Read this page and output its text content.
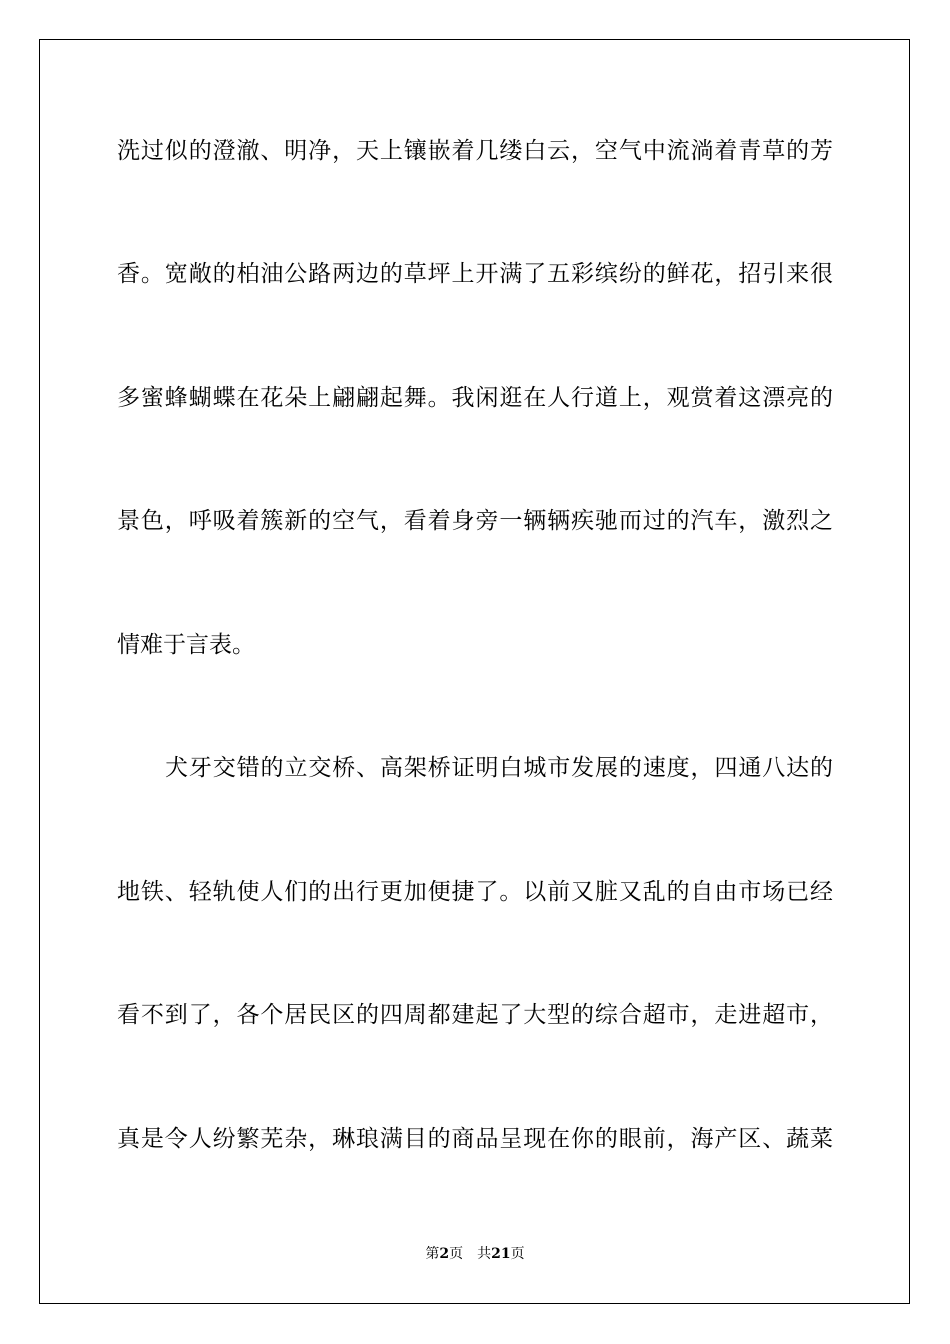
洗过似的澄澈、明净，天上镶嵌着几缕白云，空气中流淌着青草的芳
香。宽敞的柏油公路两边的草坪上开满了五彩缤纷的鲜花，招引来很
多蜜蜂蝴蝶在花朵上翩翩起舞。我闲逛在人行道上，观赏着这漂亮的
景色，呼吸着簇新的空气，看着身旁一辆辆疾驰而过的汽车，激烈之
情难于言表。
犬牙交错的立交桥、高架桥证明白城市发展的速度，四通八达的
地铁、轻轨使人们的出行更加便捷了。以前又脏又乱的自由市场已经
看不到了，各个居民区的四周都建起了大型的综合超市，走进超市，
真是令人纷繁芜杂，琳琅满目的商品呈现在你的眼前，海产区、蔬菜
第2页 共21页
